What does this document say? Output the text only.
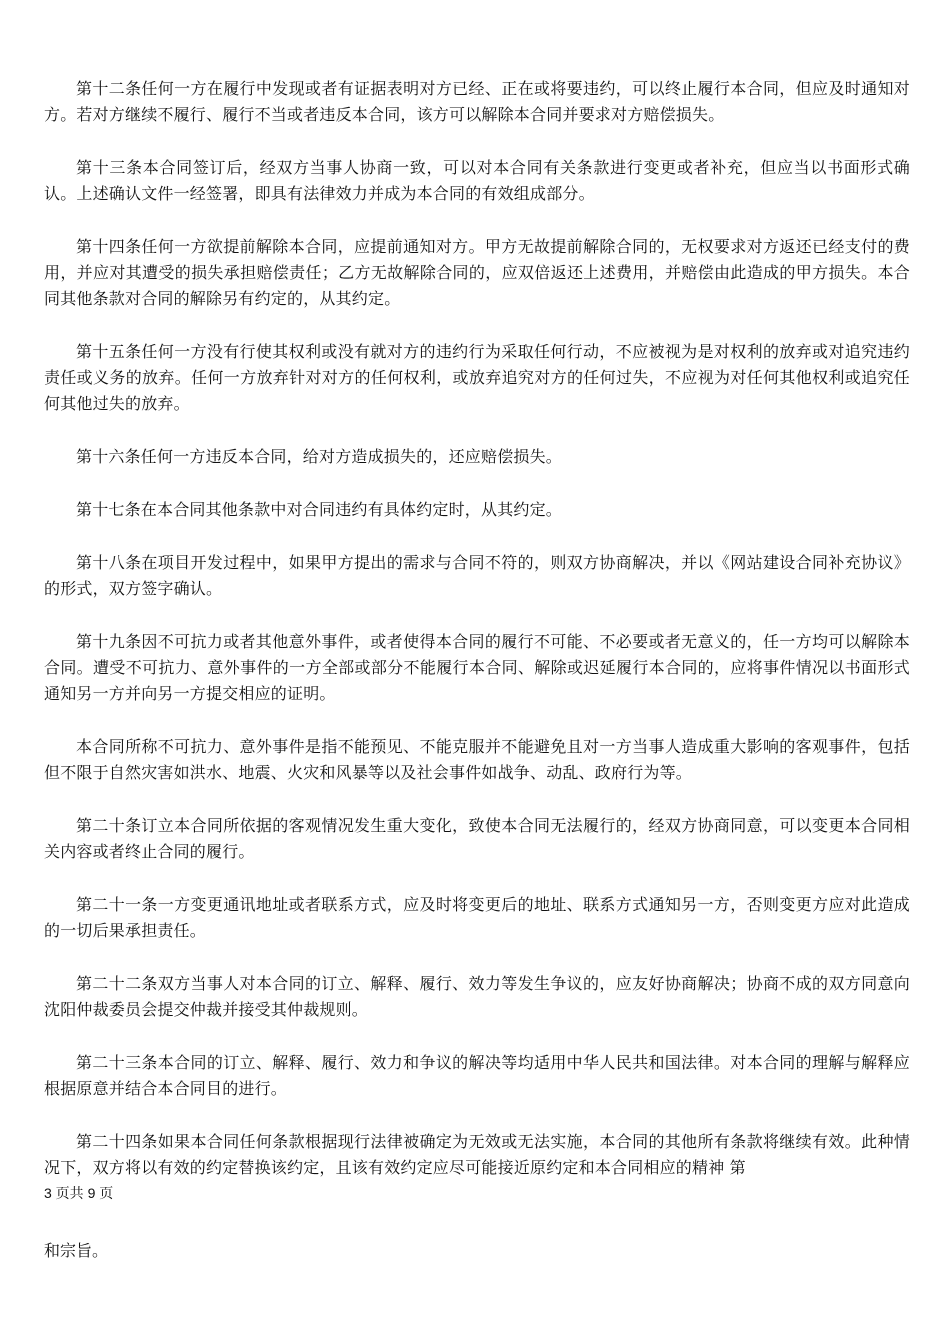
第十二条任何一方在履行中发现或者有证据表明对方已经、正在或将要违约，可以终止履行本合同，但应及时通知对方。若对方继续不履行、履行不当或者违反本合同，该方可以解除本合同并要求对方赔偿损失。

第十三条本合同签订后，经双方当事人协商一致，可以对本合同有关条款进行变更或者补充，但应当以书面形式确认。上述确认文件一经签署，即具有法律效力并成为本合同的有效组成部分。

第十四条任何一方欲提前解除本合同，应提前通知对方。甲方无故提前解除合同的，无权要求对方返还已经支付的费用，并应对其遭受的损失承担赔偿责任；乙方无故解除合同的，应双倍返还上述费用，并赔偿由此造成的甲方损失。本合同其他条款对合同的解除另有约定的，从其约定。

第十五条任何一方没有行使其权利或没有就对方的违约行为采取任何行动，不应被视为是对权利的放弃或对追究违约责任或义务的放弃。任何一方放弃针对对方的任何权利，或放弃追究对方的任何过失，不应视为对任何其他权利或追究任何其他过失的放弃。

第十六条任何一方违反本合同，给对方造成损失的，还应赔偿损失。

第十七条在本合同其他条款中对合同违约有具体约定时，从其约定。

第十八条在项目开发过程中，如果甲方提出的需求与合同不符的，则双方协商解决，并以《网站建设合同补充协议》的形式，双方签字确认。

第十九条因不可抗力或者其他意外事件，或者使得本合同的履行不可能、不必要或者无意义的，任一方均可以解除本合同。遭受不可抗力、意外事件的一方全部或部分不能履行本合同、解除或迟延履行本合同的，应将事件情况以书面形式通知另一方并向另一方提交相应的证明。

本合同所称不可抗力、意外事件是指不能预见、不能克服并不能避免且对一方当事人造成重大影响的客观事件，包括但不限于自然灾害如洪水、地震、火灾和风暴等以及社会事件如战争、动乱、政府行为等。

第二十条订立本合同所依据的客观情况发生重大变化，致使本合同无法履行的，经双方协商同意，可以变更本合同相关内容或者终止合同的履行。

第二十一条一方变更通讯地址或者联系方式，应及时将变更后的地址、联系方式通知另一方，否则变更方应对此造成的一切后果承担责任。

第二十二条双方当事人对本合同的订立、解释、履行、效力等发生争议的，应友好协商解决；协商不成的双方同意向沈阳仲裁委员会提交仲裁并接受其仲裁规则。

第二十三条本合同的订立、解释、履行、效力和争议的解决等均适用中华人民共和国法律。对本合同的理解与解释应根据原意并结合本合同目的进行。

第二十四条如果本合同任何条款根据现行法律被确定为无效或无法实施，本合同的其他所有条款将继续有效。此种情况下，双方将以有效的约定替换该约定，且该有效约定应尽可能接近原约定和本合同相应的精神 第

3 页共 9 页

和宗旨。
